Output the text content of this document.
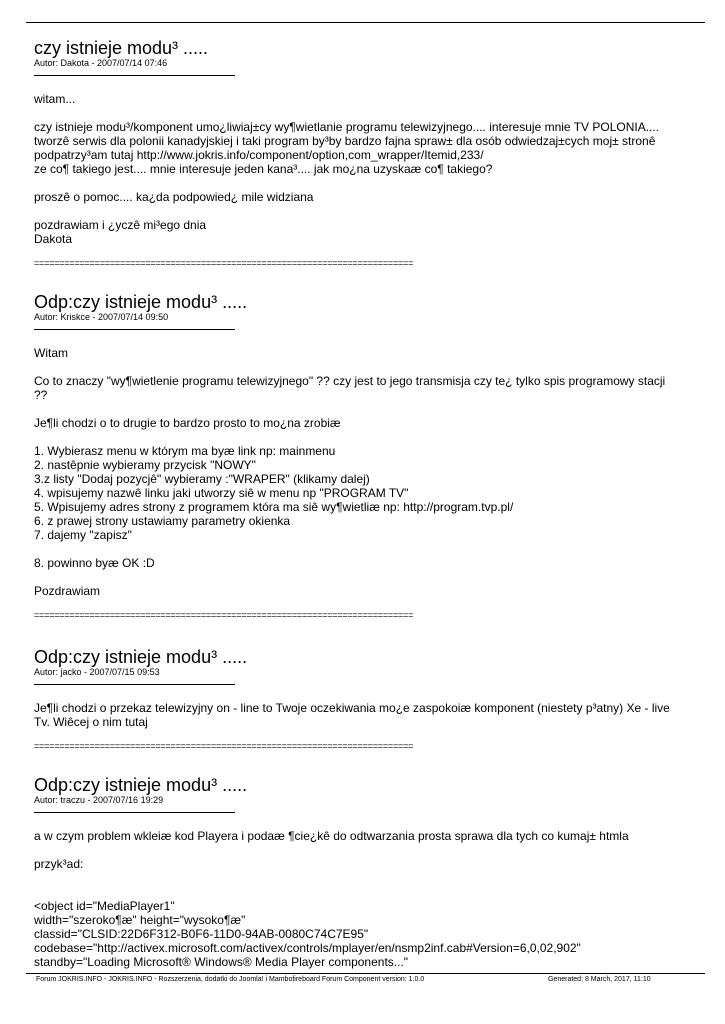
czy istnieje modu³ .....
Autor: Dakota - 2007/07/14 07:46

witam...

czy istnieje modu³/komponent umo¿liwiaj±cy wy¶wietlanie programu telewizyjnego.... interesuje mnie TV POLONIA....
tworzê serwis dla polonii kanadyjskiej i taki program by³by bardzo fajna spraw± dla osób odwiedzaj±cych moj± stronê
podpatrzy³am tutaj http://www.jokris.info/component/option,com_wrapper/Itemid,233/
ze co¶ takiego jest.... mnie interesuje jeden kana³.... jak mo¿na uzyskaæ co¶ takiego?

proszê o pomoc.... ka¿da podpowied¿ mile widziana

pozdrawiam i ¿yczê mi³ego dnia
Dakota

===========================================================================

Odp:czy istnieje modu³ .....
Autor: Kriskce - 2007/07/14 09:50

Witam

Co to znaczy "wy¶wietlenie programu telewizyjnego" ?? czy jest to jego transmisja czy te¿ tylko spis programowy stacji
??

Je¶li chodzi o to drugie to bardzo prosto to mo¿na zrobiæ

1. Wybierasz menu w którym ma byæ link np: mainmenu
2. nastêpnie wybieramy przycisk "NOWY"
3.z listy "Dodaj pozycjê" wybieramy :"WRAPER" (klikamy dalej)
4. wpisujemy nazwê linku jaki utworzy siê w menu np "PROGRAM TV"
5. Wpisujemy adres strony z programem która ma siê wy¶wietliæ np: http://program.tvp.pl/
6. z prawej strony ustawiamy parametry okienka
7. dajemy "zapisz"

8. powinno byæ OK :D

Pozdrawiam

===========================================================================

Odp:czy istnieje modu³ .....
Autor: jacko - 2007/07/15 09:53

Je¶li chodzi o przekaz telewizyjny on - line to Twoje oczekiwania mo¿e zaspokoiæ komponent (niestety p³atny) Xe - live
Tv. Wiêcej o nim tutaj

===========================================================================

Odp:czy istnieje modu³ .....
Autor: traczu - 2007/07/16 19:29

a w czym problem wkleiæ kod Playera i podaæ ¶cie¿kê do odtwarzania prosta sprawa dla tych co kumaj± htmla

przyk³ad:

<object id="MediaPlayer1"
width="szeroko¶æ" height="wysoko¶æ"
classid="CLSID:22D6F312-B0F6-11D0-94AB-0080C74C7E95"
codebase="http://activex.microsoft.com/activex/controls/mplayer/en/nsmp2inf.cab#Version=6,0,02,902"
standby="Loading Microsoft® Windows® Media Player components..."

Forum JOKRIS.INFO - JOKRIS.INFO - Rozszerzenia, dodatki do Joomla! i Mambofireboard Forum Component version: 1.0.0	Generated: 8 March, 2017, 11:10
